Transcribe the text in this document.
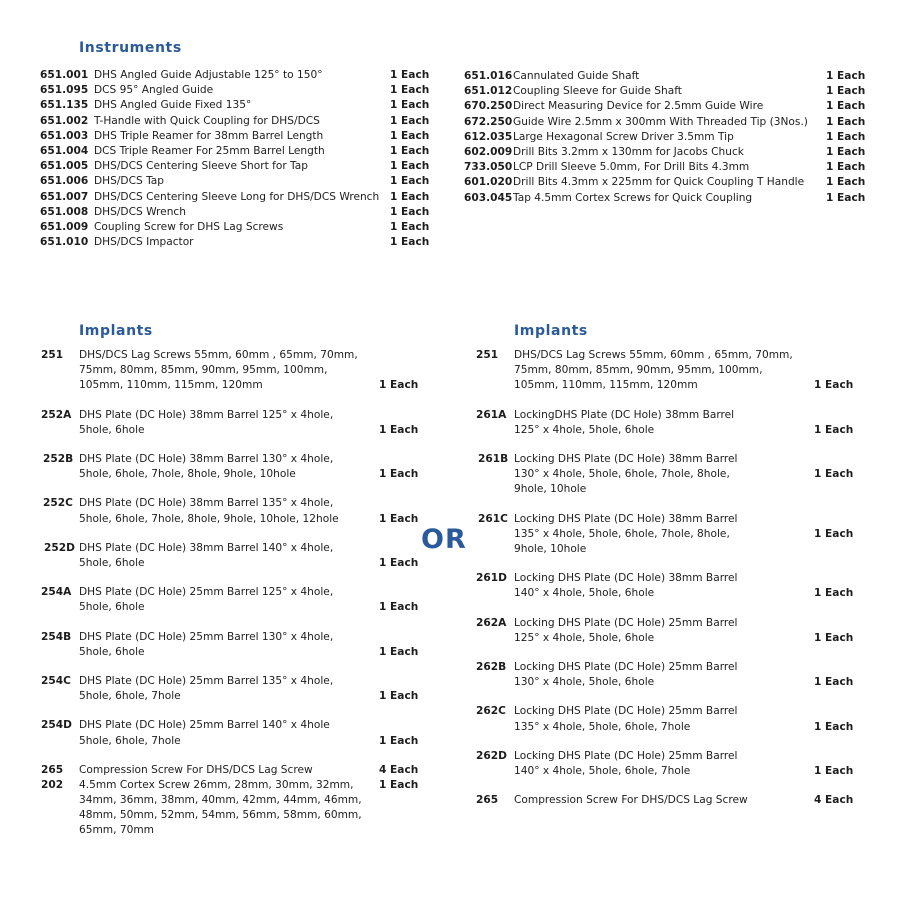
Instruments
651.001 DHS Angled Guide Adjustable 125° to 150°	1 Each
651.095 DCS 95° Angled Guide	1 Each
651.135 DHS Angled Guide Fixed 135°	1 Each
651.002 T-Handle with Quick Coupling for DHS/DCS	1 Each
651.003 DHS Triple Reamer for 38mm Barrel Length	1 Each
651.004 DCS Triple Reamer For 25mm Barrel Length	1 Each
651.005 DHS/DCS Centering Sleeve Short for Tap	1 Each
651.006 DHS/DCS Tap	1 Each
651.007 DHS/DCS Centering Sleeve Long for DHS/DCS Wrench 1 Each
651.008 DHS/DCS Wrench	1 Each
651.009 Coupling Screw for DHS Lag Screws	1 Each
651.010 DHS/DCS Impactor	1 Each
651.016 Cannulated Guide Shaft	1 Each
651.012 Coupling Sleeve for Guide Shaft	1 Each
670.250 Direct Measuring Device for 2.5mm Guide Wire	1 Each
672.250 Guide Wire 2.5mm x 300mm With Threaded Tip (3Nos.) 1 Each
612.035 Large Hexagonal Screw Driver 3.5mm Tip	1 Each
602.009 Drill Bits 3.2mm x 130mm for Jacobs Chuck	1 Each
733.050 LCP Drill Sleeve 5.0mm, For Drill Bits 4.3mm	1 Each
601.020 Drill Bits 4.3mm x 225mm for Quick Coupling T Handle 1 Each
603.045 Tap 4.5mm Cortex Screws for Quick Coupling	1 Each
Implants
251 DHS/DCS Lag Screws 55mm, 60mm , 65mm, 70mm,
75mm, 80mm, 85mm, 90mm, 95mm, 100mm,
105mm, 110mm, 115mm, 120mm	1 Each
252A DHS Plate (DC Hole) 38mm Barrel 125° x 4hole,
5hole, 6hole	1 Each
252B DHS Plate (DC Hole) 38mm Barrel 130° x 4hole,
5hole, 6hole, 7hole, 8hole, 9hole, 10hole	1 Each
252C DHS Plate (DC Hole) 38mm Barrel 135° x 4hole,
5hole, 6hole, 7hole, 8hole, 9hole, 10hole, 12hole	1 Each
252D DHS Plate (DC Hole) 38mm Barrel 140° x 4hole,
5hole, 6hole	1 Each
254A DHS Plate (DC Hole) 25mm Barrel 125° x 4hole,
5hole, 6hole	1 Each
254B DHS Plate (DC Hole) 25mm Barrel 130° x 4hole,
5hole, 6hole	1 Each
254C DHS Plate (DC Hole) 25mm Barrel 135° x 4hole,
5hole, 6hole, 7hole	1 Each
254D DHS Plate (DC Hole) 25mm Barrel 140° x 4hole
5hole, 6hole, 7hole	1 Each
265 Compression Screw For DHS/DCS Lag Screw	4 Each
202 4.5mm Cortex Screw 26mm, 28mm, 30mm, 32mm,
34mm, 36mm, 38mm, 40mm, 42mm, 44mm, 46mm,
48mm, 50mm, 52mm, 54mm, 56mm, 58mm, 60mm,
65mm, 70mm
1 Each
OR
Implants
251 DHS/DCS Lag Screws 55mm, 60mm , 65mm, 70mm,
75mm, 80mm, 85mm, 90mm, 95mm, 100mm,
105mm, 110mm, 115mm, 120mm	1 Each
261A LockingDHS Plate (DC Hole) 38mm Barrel
125° x 4hole, 5hole, 6hole	1 Each
261B Locking DHS Plate (DC Hole) 38mm Barrel
130° x 4hole, 5hole, 6hole, 7hole, 8hole,
9hole, 10hole
1 Each
261C Locking DHS Plate (DC Hole) 38mm Barrel
135° x 4hole, 5hole, 6hole, 7hole, 8hole,
9hole, 10hole
1 Each
261D Locking DHS Plate (DC Hole) 38mm Barrel
140° x 4hole, 5hole, 6hole	1 Each
262A Locking DHS Plate (DC Hole) 25mm Barrel
125° x 4hole, 5hole, 6hole	1 Each
262B Locking DHS Plate (DC Hole) 25mm Barrel
130° x 4hole, 5hole, 6hole	1 Each
262C Locking DHS Plate (DC Hole) 25mm Barrel
135° x 4hole, 5hole, 6hole, 7hole	1 Each
262D Locking DHS Plate (DC Hole) 25mm Barrel
140° x 4hole, 5hole, 6hole, 7hole	1 Each
265 Compression Screw For DHS/DCS Lag Screw	4 Each
